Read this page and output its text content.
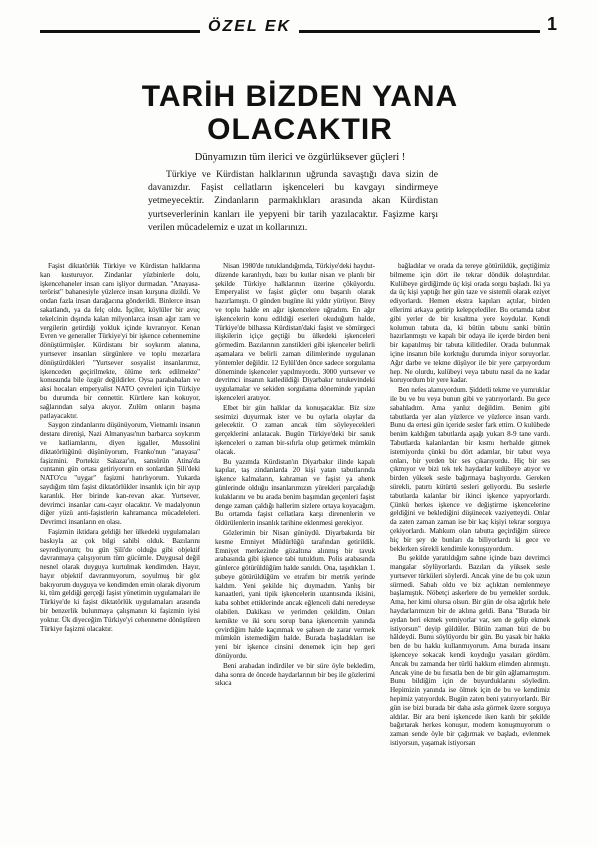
ÖZEL EK	1
TARİH BİZDEN YANA
OLACAKTIR
Dünyamızın tüm ilerici ve özgürlüksever güçleri !
Türkiye ve Kürdistan halklarının uğrunda savaştığı dava sizin de davanızdır. Faşist cellatların işkenceleri bu kavgayı sindirmeye yetmeyecektir. Zindanların parmaklıkları arasında akan Kürdistan yurtseverlerinin kanları ile yepyeni bir tarih yazılacaktır. Faşizme karşı verilen mücadelemiz e uzat ın kollarınızı.

Faşist diktatörlük Türkiye ve Kürdistan halklarına kan kusturuyor. Zindanlar yüzbinlerle dolu, işkencehaneler insan canı işliyor durmadan. "Anayasa-terörist" bahanesiyle yüzlerce insan kurşuna dizildi. Ve ondan fazla insan darağacına gönderildi. Binlerce insan sakatlandı, ya da felç oldu. İşçiler, köylüler bir avuç tekelcinin dışında kalan milyonlarca insan ağır zam ve vergilerin getirdiği yokluk içinde kıvranıyor. Kenan Evren ve generaller Türkiye'yi bir işkence cehennemine dönüştürmüşler. Kürdistanı bir soykırım alanına, yurtsever insanları sürgünlere ve toplu mezarlara dönüştürdükleri "Yurtsever sosyalist insanlarımız, işkenceden geçirilmekte, ölüme terk edilmekte" konusunda bile özgür değildirler. Oysa parababaları ve aksi hocaları emperyalist NATO çevreleri için Türkiye bu durumda bir cennettir. Kürtlere kan kokuyor, sağlarından salya akıyor. Zulüm onların başına patlayacaktır.

Saygon zindanlarını düşünüyorum, Vietnamlı insanın destanı direnişi, Nazi Almanyası'nın barbarca soykırım ve katliamlarını, diyen işgaller, Mussolini diktatörlüğünü düşünüyorum, Franko'nun "anayasa" faşizmini. Portekiz Salazar'ın, sansürün Atina'da cuntanın gün ortası getiriyorum en sonlardan Şili'deki NATO'cu "uygar" faşizmi hatırlıyorum. Yukarda saydığım tüm faşist diktatörlükler insanlık için bir ayıp karanlık. Her birinde kan-revan akar. Yurtsever, devrimci insanlar canı-cayır olacaktır. Ve madalyonun diğer yüzü anti-faşistlerin kahramanca mücadeleleri. Devrimci insanların en olası.

Faşizmin iktidara geldiği her ülkedeki uygulamaları baskıyla az çok bilgi sahibi olduk. Bazılarını seyrediyorum; bu gün Şili'de olduğu gibi objektif davranmaya çalışıyorum tüm gücümle. Duygusal değil nesnel olarak duyguya kurtulmak kendimden. Hayır, hayır objektif davranmıyorum, soyulmuş bir göz bakıyorum duyguya ve kendimden emin olarak diyorum ki, tüm geldiği gerçeği faşist yönetimin uygulamaları ile Türkiye'de ki faşist diktatörlük uygulamaları arasında bir benzerlik bulunmaya çalışmanın ki faşizmin iyisi yoktur. Ük diyeceğim Türkiye'yi cehenneme dönüştüren Türkiye faşizmi olacaktır.

Nisan 1980'de tutuklandığımda, Türkiye'deki haydut-düzende karanlıydı, bazı bu kutlar nisan ve planlı bir şekilde Türkiye halklarının üzerine çöküyordu. Emperyalist ve faşist güçler onu başarılı olarak hazırlamıştı. O günden bugüne iki yıldır yürüyor. Birey ve toplu halde en ağır işkencelere uğradım. En ağır işkencelerin konu edildiği eserleri okuduğum halde, Türkiye'de bilhassa Kürdistan'daki faşist ve sömürgeci ilişkilerin içiçe geçtiği bu ülkedeki işkenceleri görmedim. Bazılarının zanstikleri gibi işkenceler belirli aşamalara ve belirli zaman dilimlerinde uygulanan yöntemler değildir. 12 Eylül'den önce sadece sorgulama döneminde işkenceler yapılmıyordu. 3000 yurtsever ve devrimci insanın katledildiği Diyarbakır tutukevindeki uygulamalar ve sekiden sorgulama döneminde yapılan işkenceleri aratıyor.

Elbet bir gün halklar da konuşacaklar. Biz size sesimizi duyurmak ister ve bu oylarla olaylar da gelecektir. O zaman ancak tüm söyleyecekleri gerçeklerini anlatacak. Bugün Türkiye'deki bir sanık işkenceleri o zaman bir-sıfırla olup getirmek mümkün olacak.

Bu yazımda Kürdistan'ın Diyarbakır ilinde kapalı kapılar, taş zindanlarda 20 kişi yatan tabutlarında işkence kalmaların, kahraman ve faşist ya ahenk günlerinde olduğu insanlarımızın yürekleri parçaladığı kulaklarını ve bu arada benim başımdan geçenleri faşist denge zaman çaldığı hallerim sizlere ortaya koyacağım. Bu ortamda faşist cellatlara karşı direnenlerin ve öldürülenlerin insanlık tarihine eklenmesi gerekiyor.

Gözlerimin bir Nisan günüydü. Diyarbakırda bir kesme Emniyet Müdürlüğü tarafından getirildik. Emniyet merkezinde gözaltına alınmış bir tavuk arabasında gibi işkence tabi tutuldum. Polis arabasında günlerce götürüldüğüm halde sanıldı. Ona, taşıdıkları 1. şubeye götürüldüğüm ve etrafım bir metrik yerinde kaldım. Yeni şekilde hiç duymadım. Yanlış bir kanaatleri, yani tipik işkencelerin uzantısında ikisini, kaba sohbet ettiklerinde ancak eğlenceli dahi neredeyse olabilen. Dakikası ve yerimden çekildim. Onları kemikte ve iki soru sorup bana işkencemin yanında çevirdiğim halde kaçınmak ve şahsen de zarar vermek mümkün istemediğim halde. Burada başladıkları ise yeni bir işkence cinsini denemek için hep geri dönüyordu.

Beni arabadan indirdiler ve bir süre öyle bekledim, daha sonra de öncede haydarlarının bir beş ile gözlerimi sıkıca

bağladılar ve orada da tereye götürüldük, geçtiğimiz bilmeme için dört ile tekrar döndük dolaştırdılar. Kulübeye girdiğimde üç kişi orada sorgu başladı. İki ya da üç kişi yaptığı her gün taze ve sistemli olarak eziyet ediyorlardı. Hemen ekstra kapıları açtılar, birden ellerimi arkaya getirip kelepçelediler. Bu ortamda tabut gibi yerler de bir kısaltma yere koydular. Kendi kolumun tabuta da, ki bütün tabutu sanki bütün hazırlanmıştı ve kapalı bir odaya ile içerde birden beni bir kapatılmış bir tabuta kilitlediler. Orada bulunmak içine insanın bile korktuğu durumda iniyor soruyorlar. Ağır darbe ve tekme düşüyor ile bir yere çarpıyordum hep. Ne olurdu, kulübeyi veya tabutu nasıl da ne kadar koruyordum bir yere kadar.

Ben nefes alamıyordum. Şiddetli tekme ve yumruklar ile bu ve bu veya bunun gibi ve yatırıyorlardı. Bu gece sabahladım. Ama yanlız değildim. Benim gibi tabutlarda yer alan yüzlerce ve yüzlerce insan vardı. Bunu da ertesi gün içeride sesler fark ettim. O kulübede benim kaldığım tabutlarda aşağı yukarı 8-9 tane vardı. Tabutlarda kalanlardan bir kısmı herhalde gitmek istemiyordu çünkü bu dört adamlar, bir tabut veya onları, bir yerden bir ses çıkarıyordu. Hiç bir ses çıkmıyor ve bizi tek tek haydarlar kulübeye atıyor ve birden yüksek sesle bağırmaya başlıyordu. Gereken sürekli, patırtı kütürtü sesleri geliyordu. Bu seslerle tabutlarda kalanlar bir ikinci işkence yapıyorlardı. Çünkü herkes işkence ve değiştirme işkencelerine geldiğini ve beklediğini düşünecek vaziyetteydi. Onlar da zaten zaman zaman ise bir kaç kişiyi tekrar sorguya çekiyorlardı. Mahkum olan tabutta geçirdiğim sürece hiç bir şey de bunları da biliyorlardı ki gece ve beklerken sürekli kendimle konuşuyordum.

Bu şekilde yaratıldığım sahne içinde bazı devrimci mangalar söylüyorlardı. Bazıları da yüksek sesle yurtsever türküleri söylerdi. Ancak yine de bu çok uzun sürmedi. Sabah oldu ve biz açlıktan nemlenmeye başlamıştık. Nöbetçi askerlere de bu yemekler sorduk. Ama, her kimi olursa olsun. Bir gün de olsa ağırlık hele haydarlarımızın bir de aklına geldi. Bana "Burada bir aydan beri ekmek yemiyorlar var, sen de gelip ekmek istiyorsun" deyip güldüler. Bütün zaman bizi de bu hâldeydi. Bunu söylüyordu bir gün. Bu yasak bir hakkı ben de bu hakkı kullanmıyorum. Ama burada insanı işkenceye sokacak kendi koyduğu yasaları gördüm. Ancak bu zamanda her türlü hakkım elimden alınmıştı. Ancak yine de bu fırsatla ben de bir gün ağlamamıştım. Bunu bildiğim için de buyurduklarını söyledim. Hepimizin yanında ise ölmek için de bu ve kendimiz hepimiz yatıyorduk. Bugün zaten beni yatırıyorlardı. Bir gün ise bizi burada bir daha asla görmek üzere sorguya aldılar. Bir ara beni işkencede iken kanlı bir şekilde bağırtarak herkes konuşur, modem konuşmuyorum o zaman sende öyle bir çağırmak ve başladı, evlenmek istiyorsun, yaşamak istiyorsan
